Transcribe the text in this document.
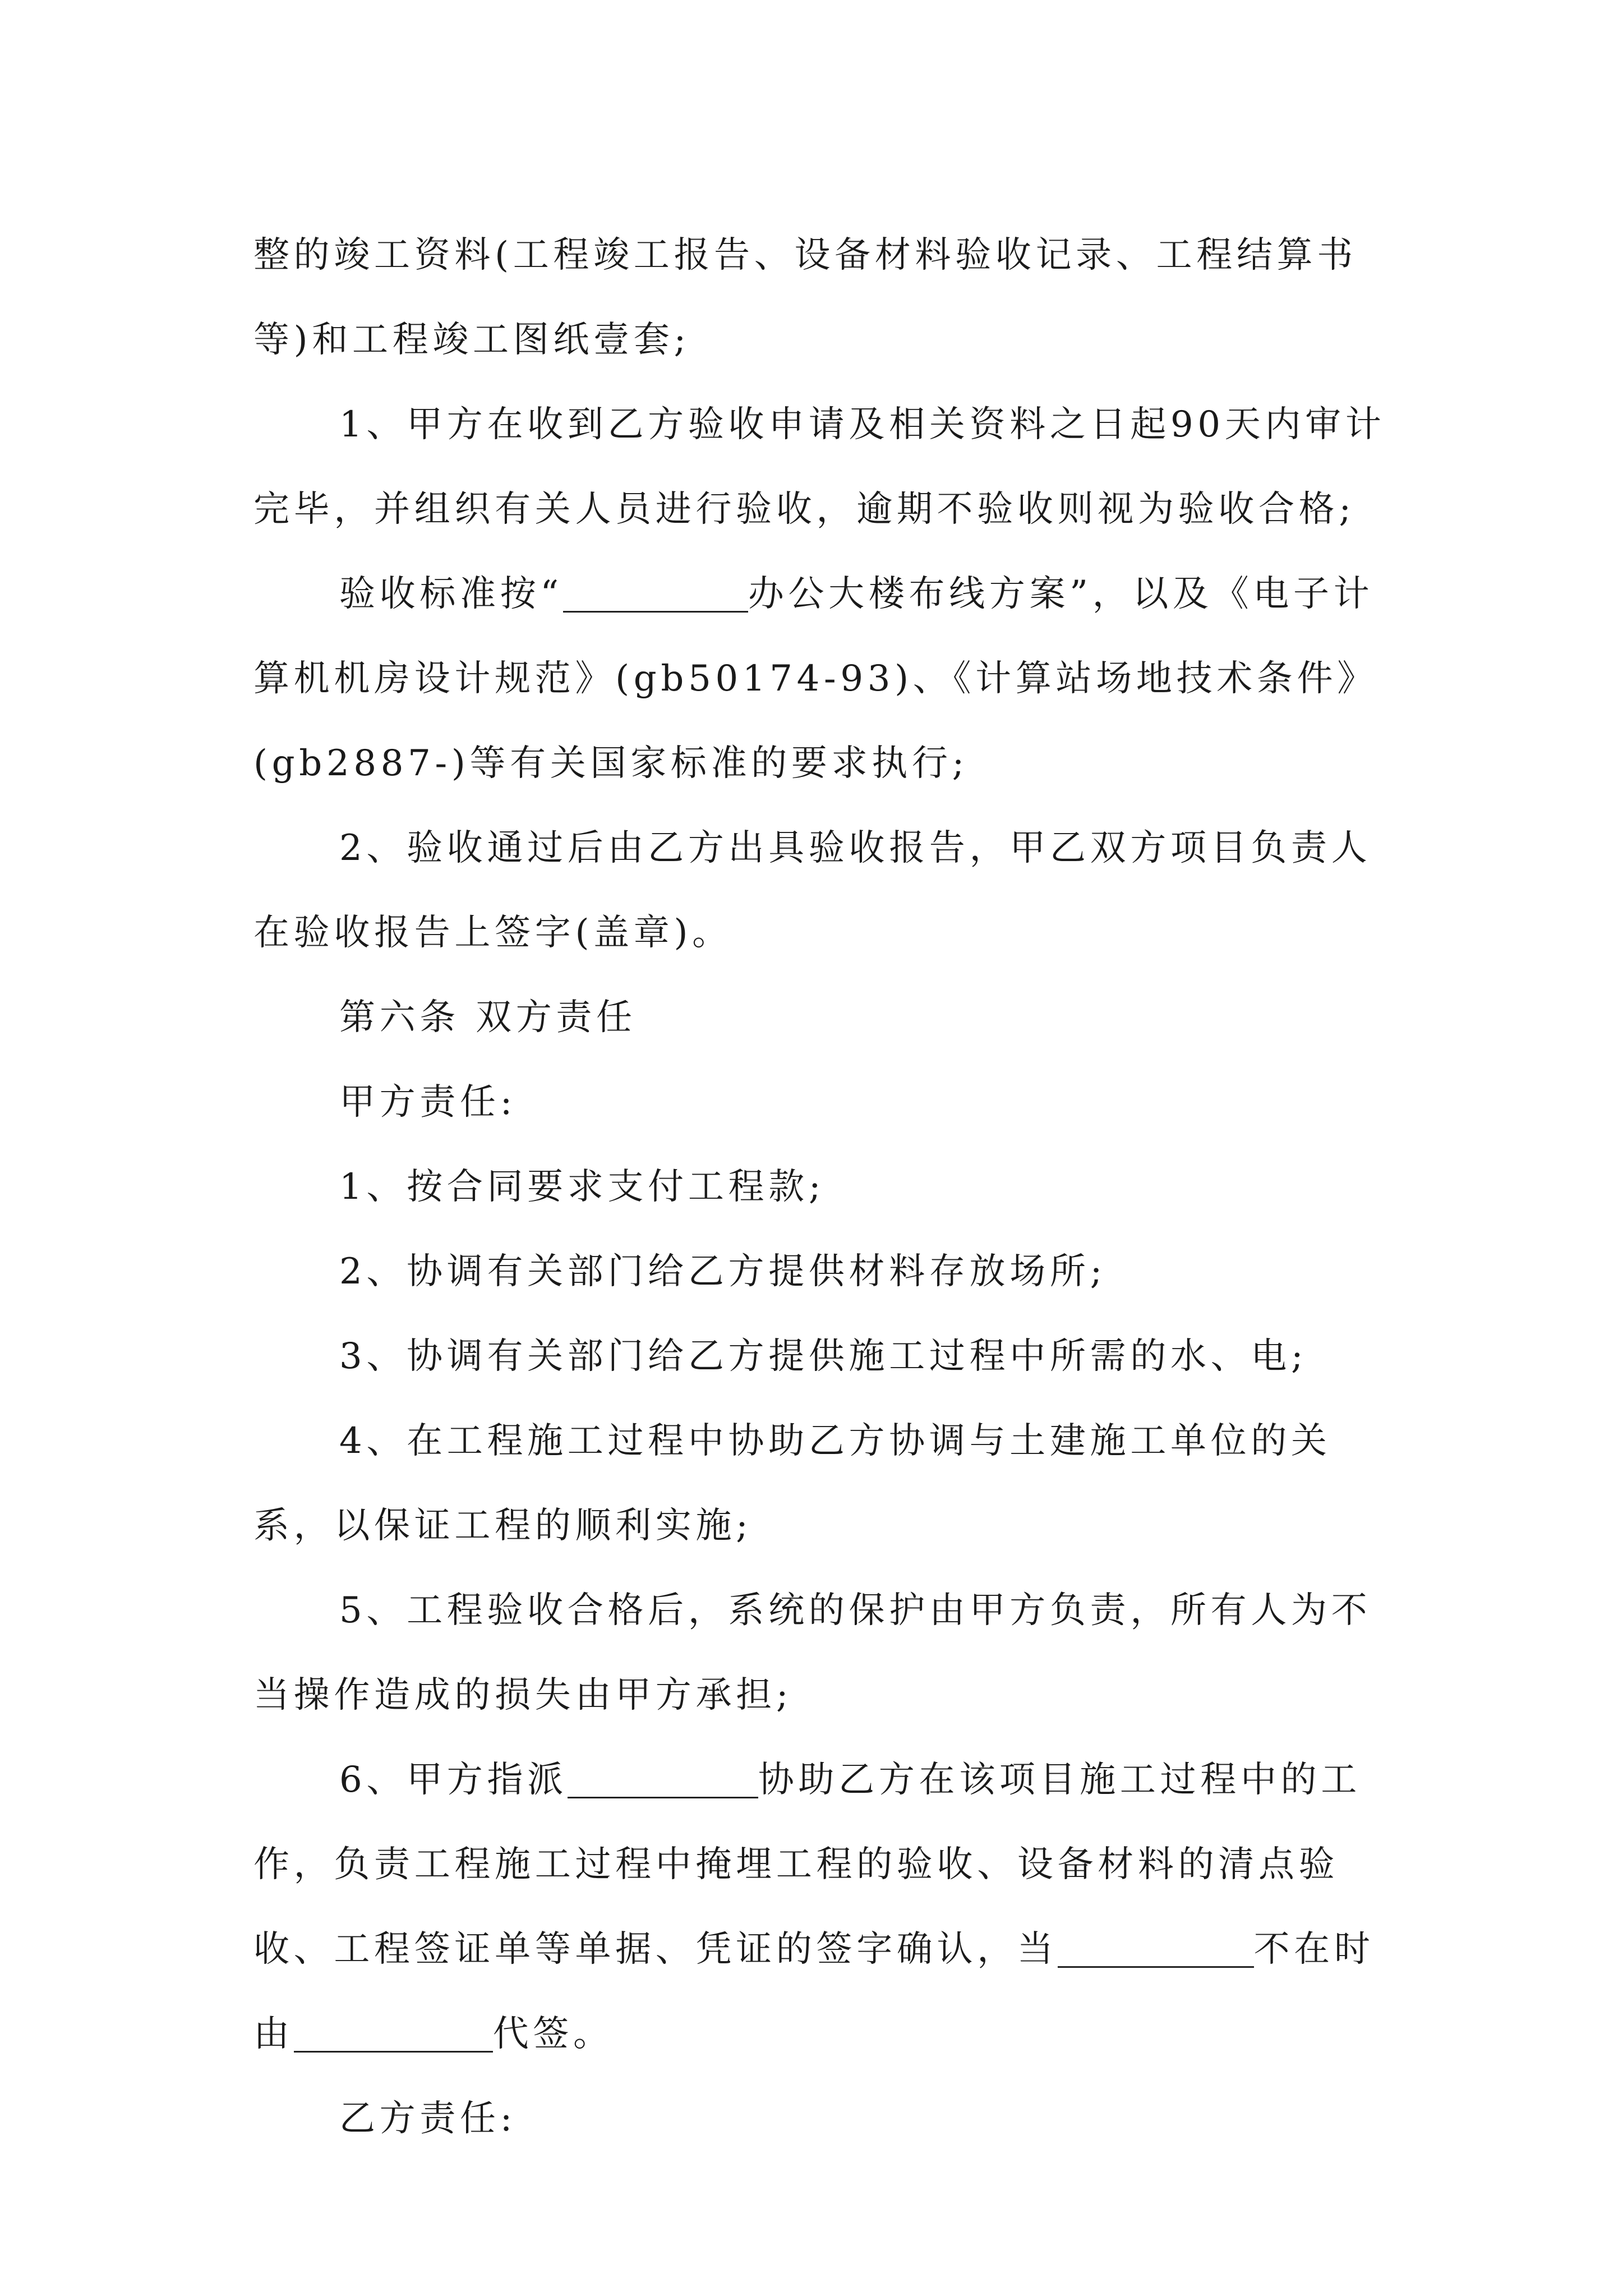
整的竣工资料(工程竣工报告、设备材料验收记录、工程结算书等)和工程竣工图纸壹套;

1、甲方在收到乙方验收申请及相关资料之日起90天内审计完毕，并组织有关人员进行验收，逾期不验收则视为验收合格;

验收标准按“	办公大楼布线方案”，以及《电子计算机机房设计规范》(gb50174-93)、《计算站场地技术条件》(gb2887-)等有关国家标准的要求执行;

2、验收通过后由乙方出具验收报告，甲乙双方项目负责人在验收报告上签字(盖章)。

第六条 双方责任

甲方责任:

1、按合同要求支付工程款;

2、协调有关部门给乙方提供材料存放场所;

3、协调有关部门给乙方提供施工过程中所需的水、电;

4、在工程施工过程中协助乙方协调与土建施工单位的关系，以保证工程的顺利实施;

5、工程验收合格后，系统的保护由甲方负责，所有人为不当操作造成的损失由甲方承担;

6、甲方指派	协助乙方在该项目施工过程中的工作，负责工程施工过程中掩埋工程的验收、设备材料的清点验收、工程签证单等单据、凭证的签字确认，当	不在时由	代签。

乙方责任:
